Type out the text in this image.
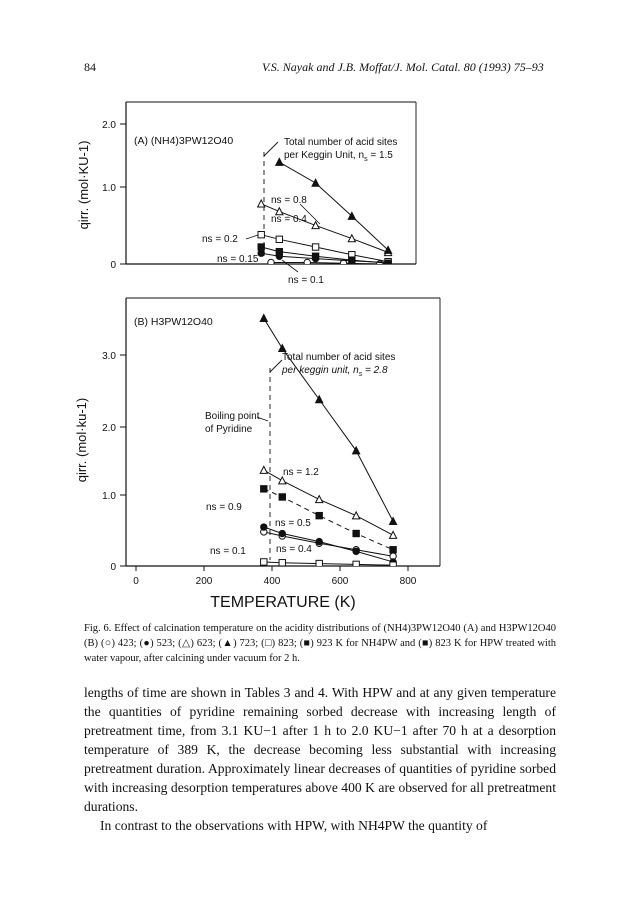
84	V.S. Nayak and J.B. Moffat/J. Mol. Catal. 80 (1993) 75–93
2.0
1.0
0
qirr. (mol·KU-1)	(A) (NH4)3PW12O40	Total number of acid sites
per Keggin Unit, $n_s = 1.5$
ns = 0.8
ns = 0.4
ns = 0.2
ns = 0.15
ns = 0.1
3.0
2.0
1.0
0
0	200	400	600	800
qirr. (mol·ku-1)
(B) H3PW12O40
TEMPERATURE (K)
Total number of acid sites
per keggin unit, $n_s = 2.8$
Boiling point
of Pyridine
ns = 1.2
ns = 0.9
ns = 0.5
ns = 0.1	ns = 0.4
Fig. 6. Effect of calcination temperature on the acidity distributions of (NH4)3PW12O40 (A) and H3PW12O40 (B) (○) 423; (●) 523; (△) 623; (▲) 723; (□) 823; (■) 923 K for NH4PW and (■) 823 K for HPW treated with water vapour, after calcining under vacuum for 2 h.

lengths of time are shown in Tables 3 and 4. With HPW and at any given temperature the quantities of pyridine remaining sorbed decrease with increasing length of pretreatment time, from 3.1 KU−1 after 1 h to 2.0 KU−1 after 70 h at a desorption temperature of 389 K, the decrease becoming less substantial with increasing pretreatment duration. Approximately linear decreases of quantities of pyridine sorbed with increasing desorption temperatures above 400 K are observed for all pretreatment durations.

In contrast to the observations with HPW, with NH4PW the quantity of
